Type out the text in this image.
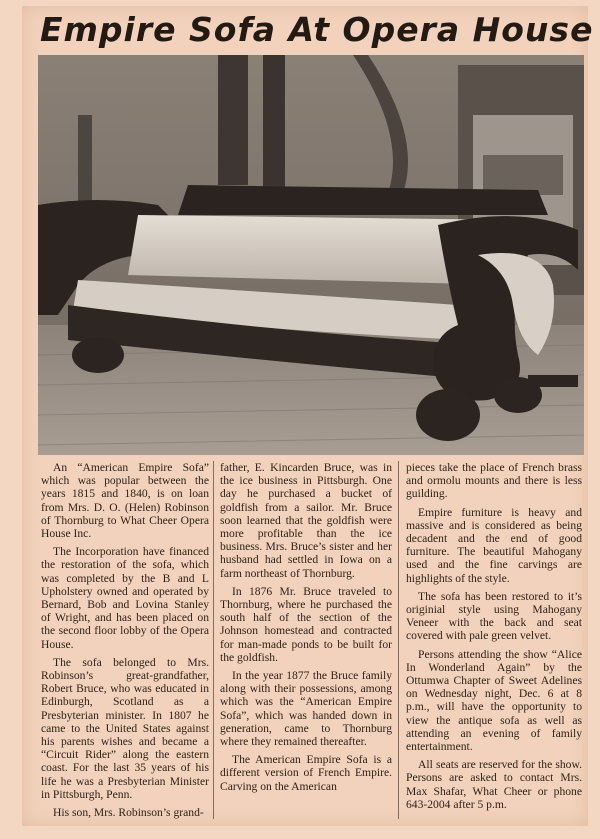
Empire Sofa At Opera House

An “American Empire Sofa” which was popular between the years 1815 and 1840, is on loan from Mrs. D. O. (Helen) Robinson of Thornburg to What Cheer Opera House Inc.

The Incorporation have financed the restoration of the sofa, which was completed by the B and L Upholstery owned and operated by Bernard, Bob and Lovina Stanley of Wright, and has been placed on the second floor lobby of the Opera House.

The sofa belonged to Mrs. Robinson’s great-grandfather, Robert Bruce, who was educated in Edinburgh, Scotland as a Presbyterian minister. In 1807 he came to the United States against his parents wishes and became a “Circuit Rider” along the eastern coast. For the last 35 years of his life he was a Presbyterian Minister in Pittsburgh, Penn.

His son, Mrs. Robinson’s grand-

father, E. Kincarden Bruce, was in the ice business in Pittsburgh. One day he purchased a bucket of goldfish from a sailor. Mr. Bruce soon learned that the goldfish were more profitable than the ice business. Mrs. Bruce’s sister and her husband had settled in Iowa on a farm northeast of Thornburg.

In 1876 Mr. Bruce traveled to Thornburg, where he purchased the south half of the section of the Johnson homestead and contracted for man-made ponds to be built for the goldfish.

In the year 1877 the Bruce family along with their possessions, among which was the “American Empire Sofa”, which was handed down in generation, came to Thornburg where they remained thereafter.

The American Empire Sofa is a different version of French Empire. Carving on the American

pieces take the place of French brass and ormolu mounts and there is less guilding.

Empire furniture is heavy and massive and is considered as being decadent and the end of good furniture. The beautiful Mahogany used and the fine carvings are highlights of the style.

The sofa has been restored to it’s originial style using Mahogany Veneer with the back and seat covered with pale green velvet.

Persons attending the show “Alice In Wonderland Again” by the Ottumwa Chapter of Sweet Adelines on Wednesday night, Dec. 6 at 8 p.m., will have the opportunity to view the antique sofa as well as attending an evening of family entertainment.

All seats are reserved for the show. Persons are asked to contact Mrs. Max Shafar, What Cheer or phone 643-2004 after 5 p.m.
